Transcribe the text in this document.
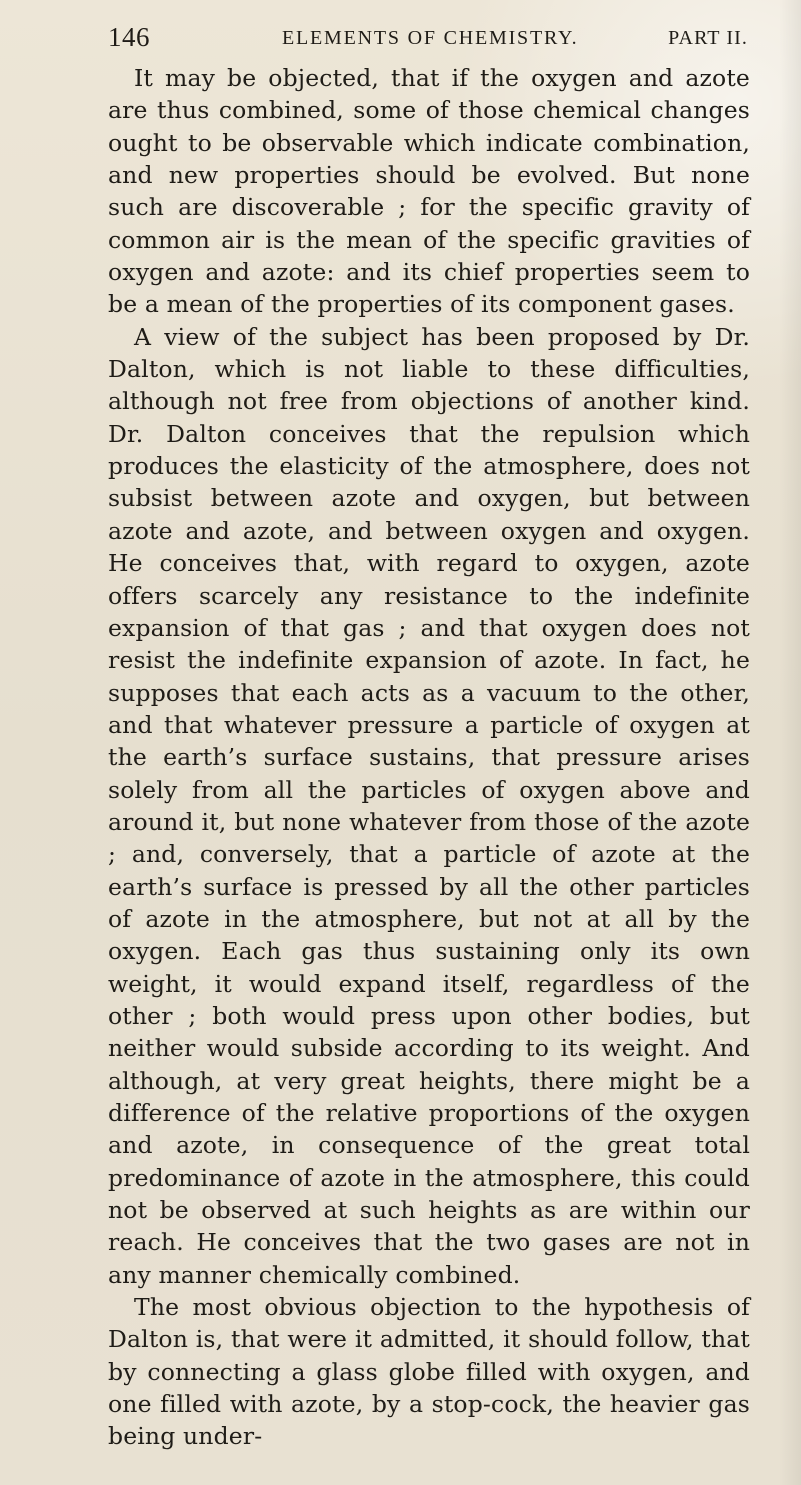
146	ELEMENTS OF CHEMISTRY.	PART II.

It may be objected, that if the oxygen and azote are thus combined, some of those chemical changes ought to be observable which indicate combination, and new properties should be evolved. But none such are discoverable ; for the specific gravity of common air is the mean of the specific gravities of oxygen and azote: and its chief properties seem to be a mean of the properties of its component gases.

A view of the subject has been proposed by Dr. Dalton, which is not liable to these difficulties, although not free from objections of another kind. Dr. Dalton conceives that the repulsion which produces the elasticity of the atmosphere, does not subsist between azote and oxygen, but between azote and azote, and between oxygen and oxygen. He conceives that, with regard to oxygen, azote offers scarcely any resistance to the indefinite expansion of that gas ; and that oxygen does not resist the indefinite expansion of azote. In fact, he supposes that each acts as a vacuum to the other, and that whatever pressure a particle of oxygen at the earth’s surface sustains, that pressure arises solely from all the particles of oxygen above and around it, but none whatever from those of the azote ; and, conversely, that a particle of azote at the earth’s surface is pressed by all the other particles of azote in the atmosphere, but not at all by the oxygen. Each gas thus sustaining only its own weight, it would expand itself, regardless of the other ; both would press upon other bodies, but neither would subside according to its weight. And although, at very great heights, there might be a difference of the relative proportions of the oxygen and azote, in consequence of the great total predominance of azote in the atmosphere, this could not be observed at such heights as are within our reach. He conceives that the two gases are not in any manner chemically combined.

The most obvious objection to the hypothesis of Dalton is, that were it admitted, it should follow, that by connecting a glass globe filled with oxygen, and one filled with azote, by a stop-cock, the heavier gas being under-
